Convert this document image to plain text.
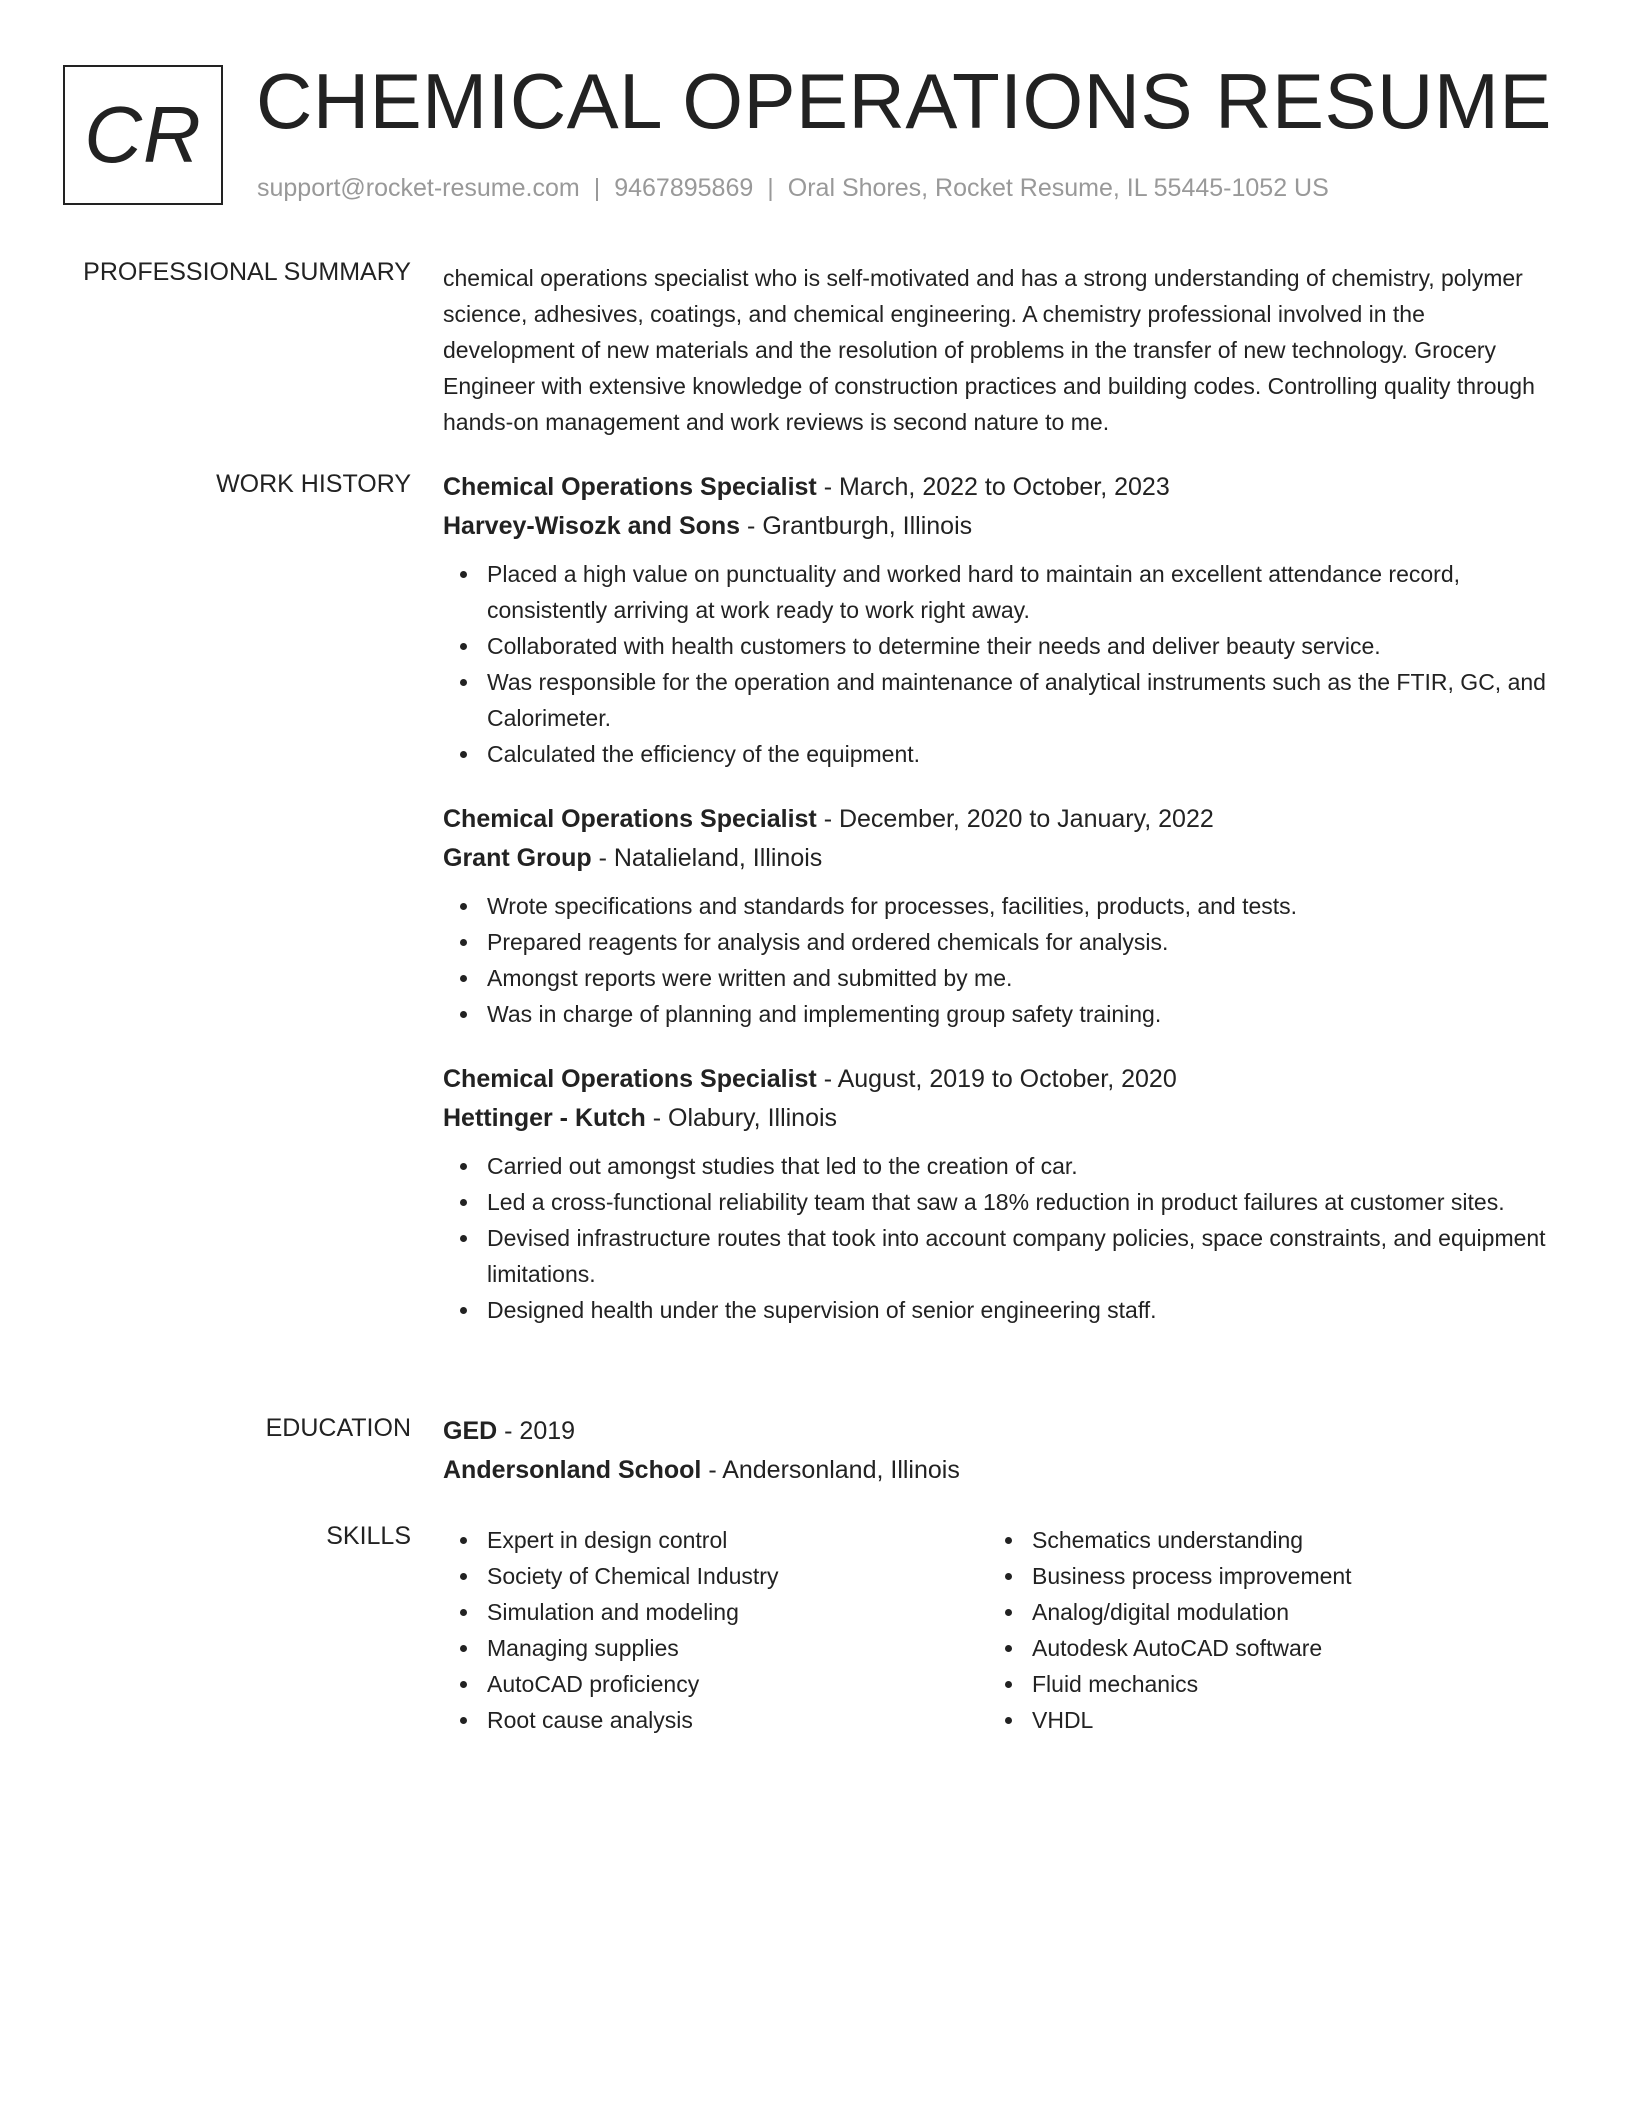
CR CHEMICAL OPERATIONS RESUME
support@rocket-resume.com | 9467895869 | Oral Shores, Rocket Resume, IL 55445-1052 US
PROFESSIONAL SUMMARY chemical operations specialist who is self-motivated and has a strong understanding of chemistry, polymer science, adhesives, coatings, and chemical engineering. A chemistry professional involved in the development of new materials and the resolution of problems in the transfer of new technology. Grocery Engineer with extensive knowledge of construction practices and building codes. Controlling quality through hands-on management and work reviews is second nature to me.

WORK HISTORY Chemical Operations Specialist - March, 2022 to October, 2023
Harvey-Wisozk and Sons - Grantburgh, Illinois
Placed a high value on punctuality and worked hard to maintain an excellent attendance record, consistently arriving at work ready to work right away.
Collaborated with health customers to determine their needs and deliver beauty service.
Was responsible for the operation and maintenance of analytical instruments such as the FTIR, GC, and Calorimeter.
Calculated the efficiency of the equipment.
Chemical Operations Specialist - December, 2020 to January, 2022
Grant Group - Natalieland, Illinois
Wrote specifications and standards for processes, facilities, products, and tests.
Prepared reagents for analysis and ordered chemicals for analysis.
Amongst reports were written and submitted by me.
Was in charge of planning and implementing group safety training.
Chemical Operations Specialist - August, 2019 to October, 2020
Hettinger - Kutch - Olabury, Illinois
Carried out amongst studies that led to the creation of car.
Led a cross-functional reliability team that saw a 18% reduction in product failures at customer sites.
Devised infrastructure routes that took into account company policies, space constraints, and equipment limitations.
Designed health under the supervision of senior engineering staff.
EDUCATION GED - 2019
Andersonland School - Andersonland, Illinois
SKILLS	Expert in design control
Society of Chemical Industry
Simulation and modeling
Managing supplies
AutoCAD proficiency
Root cause analysis
Schematics understanding
Business process improvement
Analog/digital modulation
Autodesk AutoCAD software
Fluid mechanics
VHDL
